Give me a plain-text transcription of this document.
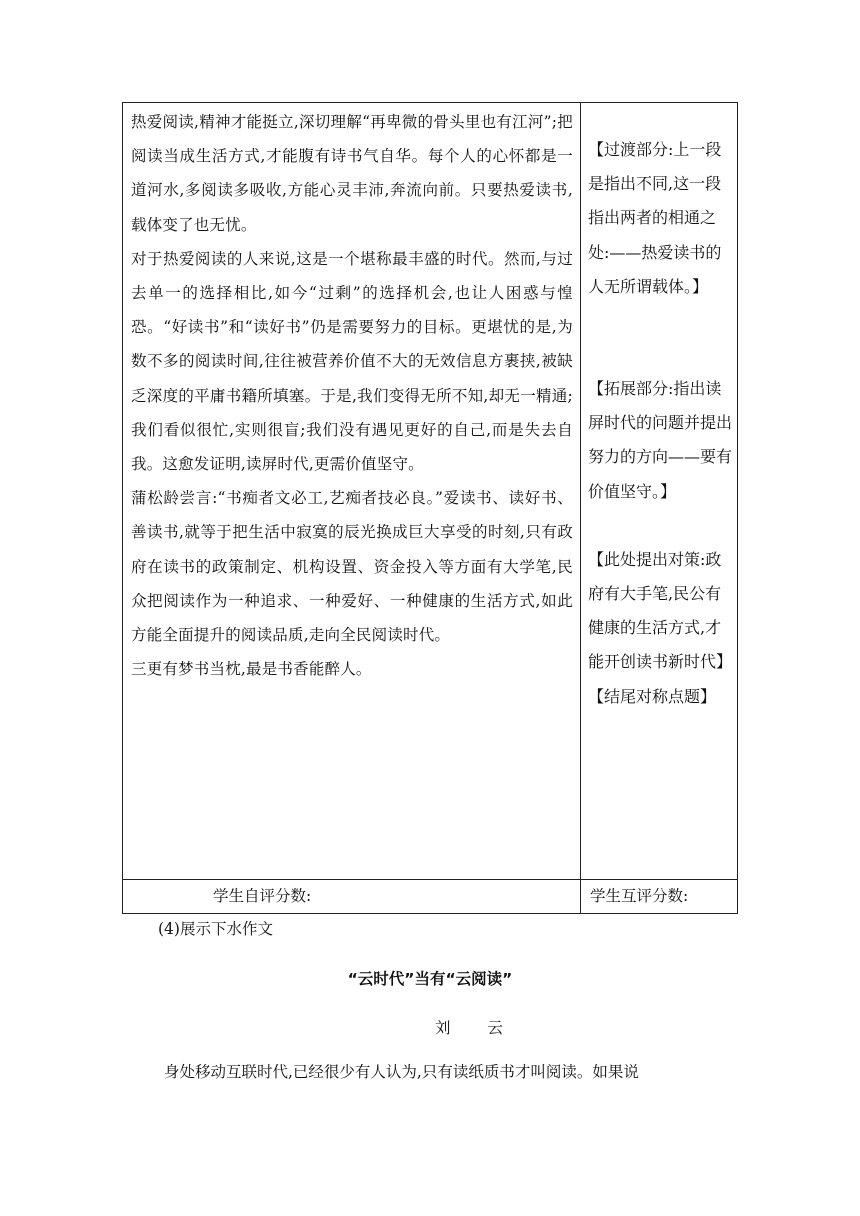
热爱阅读,精神才能挺立,深切理解“再卑微的骨头里也有江河”;把阅读当成生活方式,才能腹有诗书气自华。每个人的心怀都是一道河水,多阅读多吸收,方能心灵丰沛,奔流向前。只要热爱读书,载体变了也无忧。

对于热爱阅读的人来说,这是一个堪称最丰盛的时代。然而,与过去单一的选择相比,如今“过剩”的选择机会,也让人困惑与惶恐。“好读书”和“读好书”仍是需要努力的目标。更堪忧的是,为数不多的阅读时间,往往被营养价值不大的无效信息方裹挟,被缺乏深度的平庸书籍所填塞。于是,我们变得无所不知,却无一精通;我们看似很忙,实则很盲;我们没有遇见更好的自己,而是失去自我。这愈发证明,读屏时代,更需价值坚守。

蒲松龄尝言:“书痴者文必工,艺痴者技必良。”爱读书、读好书、善读书,就等于把生活中寂寞的辰光换成巨大享受的时刻,只有政府在读书的政策制定、机构设置、资金投入等方面有大学笔,民众把阅读作为一种追求、一种爱好、一种健康的生活方式,如此方能全面提升的阅读品质,走向全民阅读时代。

三更有梦书当枕,最是书香能醉人。

【过渡部分:上一段是指出不同,这一段指出两者的相通之处:——热爱读书的人无所谓载体。】

【拓展部分:指出读屏时代的问题并提出努力的方向——要有价值坚守。】

【此处提出对策:政府有大手笔,民公有健康的生活方式,才能开创读书新时代】

【结尾对称点题】

学生自评分数:	学生互评分数:
(4)展示下水作文
“云时代”当有“云阅读”
刘 云
身处移动互联时代,已经很少有人认为,只有读纸质书才叫阅读。如果说
